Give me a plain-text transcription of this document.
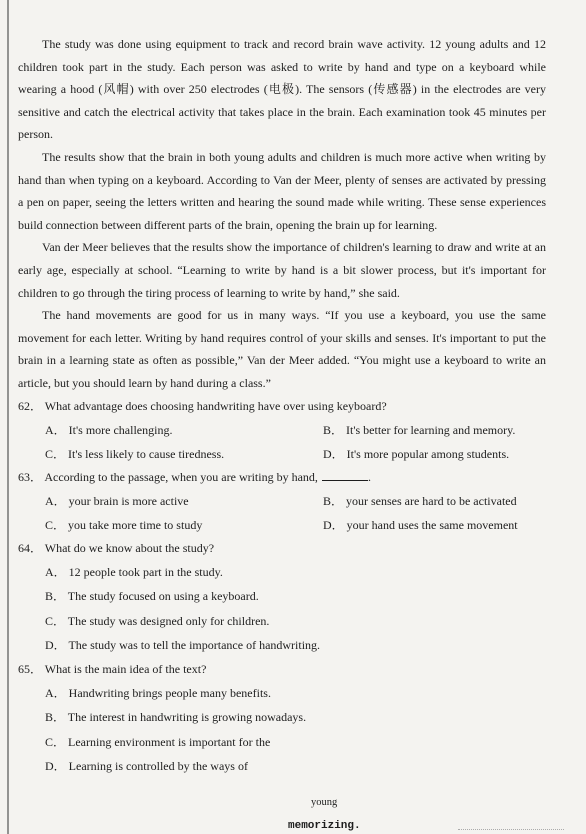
The study was done using equipment to track and record brain wave activity. 12 young adults and 12 children took part in the study. Each person was asked to write by hand and type on a keyboard while wearing a hood (风帽) with over 250 electrodes (电极). The sensors (传感器) in the electrodes are very sensitive and catch the electrical activity that takes place in the brain. Each examination took 45 minutes per person.

The results show that the brain in both young adults and children is much more active when writing by hand than when typing on a keyboard. According to Van der Meer, plenty of senses are activated by pressing a pen on paper, seeing the letters written and hearing the sound made while writing. These sense experiences build connection between different parts of the brain, opening the brain up for learning.

Van der Meer believes that the results show the importance of children's learning to draw and write at an early age, especially at school. “Learning to write by hand is a bit slower process, but it's important for children to go through the tiring process of learning to write by hand,” she said.

The hand movements are good for us in many ways. “If you use a keyboard, you use the same movement for each letter. Writing by hand requires control of your skills and senses. It's important to put the brain in a learning state as often as possible,” Van der Meer added. “You might use a keyboard to write an article, but you should learn by hand during a class.”

62． What advantage does choosing handwriting have over using keyboard?

A． It's more challenging.	B． It's better for learning and memory.
C． It's less likely to cause tiredness.	D． It's more popular among students.

63． According to the passage, when you are writing by hand,	.

A． your brain is more active	B． your senses are hard to be activated
C． you take more time to study	D． your hand uses the same movement

64． What do we know about the study?

A． 12 people took part in the study.

B． The study focused on using a keyboard.

C． The study was designed only for children.

D． The study was to tell the importance of handwriting.

65． What is the main idea of the text?

A． Handwriting brings people many benefits.

B． The interest in handwriting is growing nowadays.

C． Learning environment is important for the

D． Learning is controlled by the ways of

young
memorizing.
